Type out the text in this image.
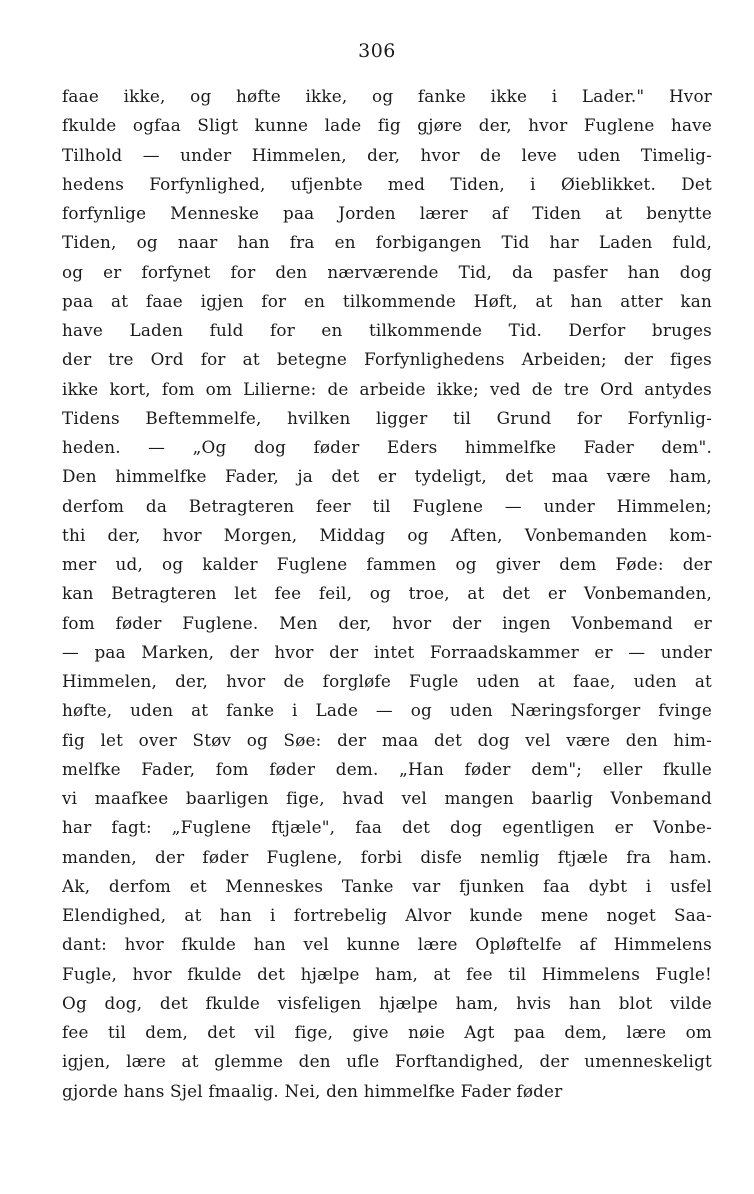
306
faae ikke, og høfte ikke, og fanke ikke i Lader." Hvor
fkulde ogfaa Sligt kunne lade fig gjøre der, hvor Fuglene have
Tilhold — under Himmelen, der, hvor de leve uden Timelig-
hedens Forfynlighed, ufjenbte med Tiden, i Øieblikket. Det
forfynlige Menneske paa Jorden lærer af Tiden at benytte
Tiden, og naar han fra en forbigangen Tid har Laden fuld,
og er forfynet for den nærværende Tid, da pasfer han dog
paa at faae igjen for en tilkommende Høft, at han atter kan
have Laden fuld for en tilkommende Tid. Derfor bruges
der tre Ord for at betegne Forfynlighedens Arbeiden; der figes
ikke kort, fom om Lilierne: de arbeide ikke; ved de tre Ord antydes
Tidens Beftemmelfe, hvilken ligger til Grund for Forfynlig-
heden. — „Og dog føder Eders himmelfke Fader dem".
Den himmelfke Fader, ja det er tydeligt, det maa være ham,
derfom da Betragteren feer til Fuglene — under Himmelen;
thi der, hvor Morgen, Middag og Aften, Vonbemanden kom-
mer ud, og kalder Fuglene fammen og giver dem Føde: der
kan Betragteren let fee feil, og troe, at det er Vonbemanden,
fom føder Fuglene. Men der, hvor der ingen Vonbemand er
— paa Marken, der hvor der intet Forraadskammer er — under
Himmelen, der, hvor de forgløfe Fugle uden at faae, uden at
høfte, uden at fanke i Lade — og uden Næringsforger fvinge
fig let over Støv og Søe: der maa det dog vel være den him-
melfke Fader, fom føder dem. „Han føder dem"; eller fkulle
vi maafkee baarligen fige, hvad vel mangen baarlig Vonbemand
har fagt: „Fuglene ftjæle", faa det dog egentligen er Vonbe-
manden, der føder Fuglene, forbi disfe nemlig ftjæle fra ham.
Ak, derfom et Menneskes Tanke var fjunken faa dybt i usfel
Elendighed, at han i fortrebelig Alvor kunde mene noget Saa-
dant: hvor fkulde han vel kunne lære Opløftelfe af Himmelens
Fugle, hvor fkulde det hjælpe ham, at fee til Himmelens Fugle!
Og dog, det fkulde visfeligen hjælpe ham, hvis han blot vilde
fee til dem, det vil fige, give nøie Agt paa dem, lære om
igjen, lære at glemme den ufle Forftandighed, der umenneskeligt
gjorde hans Sjel fmaalig. Nei, den himmelfke Fader føder
